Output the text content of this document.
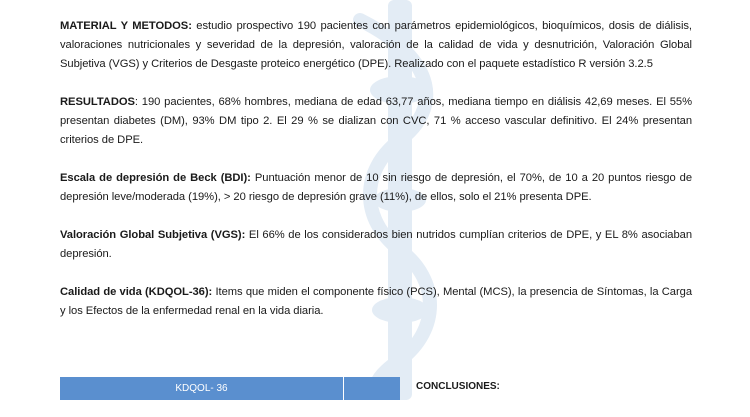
MATERIAL Y METODOS: estudio prospectivo 190 pacientes con parámetros epidemiológicos, bioquímicos, dosis de diálisis, valoraciones nutricionales y severidad de la depresión, valoración de la calidad de vida y desnutrición, Valoración Global Subjetiva (VGS) y Criterios de Desgaste proteico energético (DPE). Realizado con el paquete estadístico R versión 3.2.5

RESULTADOS: 190 pacientes, 68% hombres, mediana de edad 63,77 años, mediana tiempo en diálisis 42,69 meses. El 55% presentan diabetes (DM), 93% DM tipo 2. El 29 % se dializan con CVC, 71 % acceso vascular definitivo. El 24% presentan criterios de DPE.

Escala de depresión de Beck (BDI): Puntuación menor de 10 sin riesgo de depresión, el 70%, de 10 a 20 puntos riesgo de depresión leve/moderada (19%), > 20 riesgo de depresión grave (11%), de ellos, solo el 21% presenta DPE.

Valoración Global Subjetiva (VGS): El 66% de los considerados bien nutridos cumplían criterios de DPE, y EL 8% asociaban depresión.

Calidad de vida (KDQOL-36): Items que miden el componente físico (PCS), Mental (MCS), la presencia de Síntomas, la Carga y los Efectos de la enfermedad renal en la vida diaria.

KDQOL- 36	CONCLUSIONES:
